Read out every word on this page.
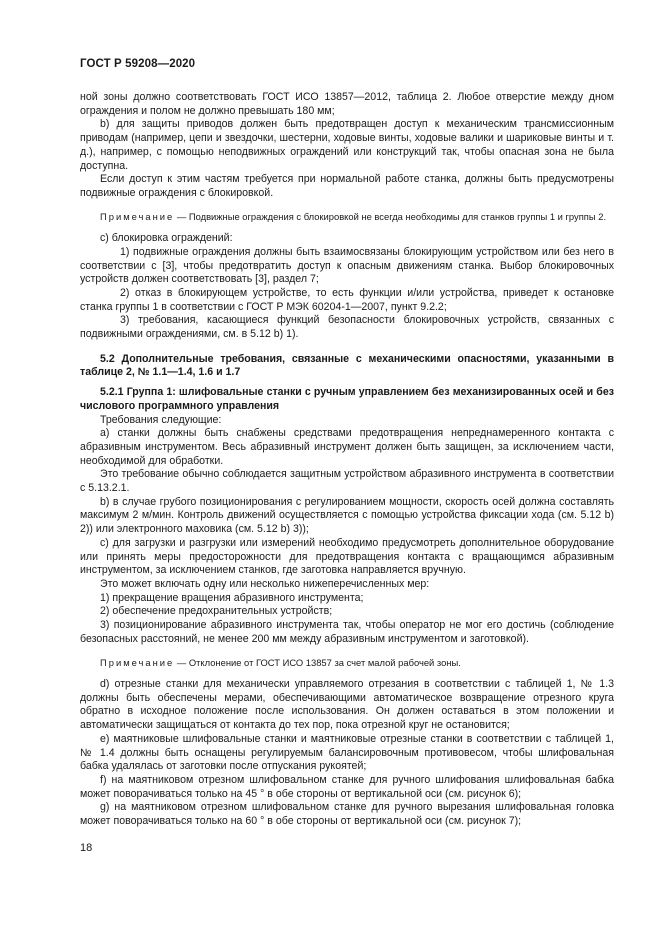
ГОСТ Р 59208—2020

ной зоны должно соответствовать ГОСТ ИСО 13857—2012, таблица 2. Любое отверстие между дном ограждения и полом не должно превышать 180 мм;

b) для защиты приводов должен быть предотвращен доступ к механическим трансмиссионным приводам (например, цепи и звездочки, шестерни, ходовые винты, ходовые валики и шариковые винты и т. д.), например, с помощью неподвижных ограждений или конструкций так, чтобы опасная зона не была доступна.

Если доступ к этим частям требуется при нормальной работе станка, должны быть предусмотрены подвижные ограждения с блокировкой.

Примечание — Подвижные ограждения с блокировкой не всегда необходимы для станков группы 1 и группы 2.

с) блокировка ограждений:

1) подвижные ограждения должны быть взаимосвязаны блокирующим устройством или без него в соответствии с [3], чтобы предотвратить доступ к опасным движениям станка. Выбор блокировочных устройств должен соответствовать [3], раздел 7;

2) отказ в блокирующем устройстве, то есть функции и/или устройства, приведет к остановке станка группы 1 в соответствии с ГОСТ Р МЭК 60204-1—2007, пункт 9.2.2;

3) требования, касающиеся функций безопасности блокировочных устройств, связанных с подвижными ограждениями, см. в 5.12 b) 1).

5.2 Дополнительные требования, связанные с механическими опасностями, указанными в таблице 2, № 1.1—1.4, 1.6 и 1.7

5.2.1 Группа 1: шлифовальные станки с ручным управлением без механизированных осей и без числового программного управления

Требования следующие:

а) станки должны быть снабжены средствами предотвращения непреднамеренного контакта с абразивным инструментом. Весь абразивный инструмент должен быть защищен, за исключением части, необходимой для обработки.

Это требование обычно соблюдается защитным устройством абразивного инструмента в соответствии с 5.13.2.1.

b) в случае грубого позиционирования с регулированием мощности, скорость осей должна составлять максимум 2 м/мин. Контроль движений осуществляется с помощью устройства фиксации хода (см. 5.12 b) 2)) или электронного маховика (см. 5.12 b) 3));

с) для загрузки и разгрузки или измерений необходимо предусмотреть дополнительное оборудование или принять меры предосторожности для предотвращения контакта с вращающимся абразивным инструментом, за исключением станков, где заготовка направляется вручную.

Это может включать одну или несколько нижеперечисленных мер:

1) прекращение вращения абразивного инструмента;

2) обеспечение предохранительных устройств;

3) позиционирование абразивного инструмента так, чтобы оператор не мог его достичь (соблюдение безопасных расстояний, не менее 200 мм между абразивным инструментом и заготовкой).

Примечание — Отклонение от ГОСТ ИСО 13857 за счет малой рабочей зоны.

d) отрезные станки для механически управляемого отрезания в соответствии с таблицей 1, № 1.3 должны быть обеспечены мерами, обеспечивающими автоматическое возвращение отрезного круга обратно в исходное положение после использования. Он должен оставаться в этом положении и автоматически защищаться от контакта до тех пор, пока отрезной круг не остановится;

е) маятниковые шлифовальные станки и маятниковые отрезные станки в соответствии с таблицей 1, № 1.4 должны быть оснащены регулируемым балансировочным противовесом, чтобы шлифовальная бабка удалялась от заготовки после отпускания рукоятей;

f) на маятниковом отрезном шлифовальном станке для ручного шлифования шлифовальная бабка может поворачиваться только на 45 ° в обе стороны от вертикальной оси (см. рисунок 6);

g) на маятниковом отрезном шлифовальном станке для ручного вырезания шлифовальная головка может поворачиваться только на 60 ° в обе стороны от вертикальной оси (см. рисунок 7);

18
